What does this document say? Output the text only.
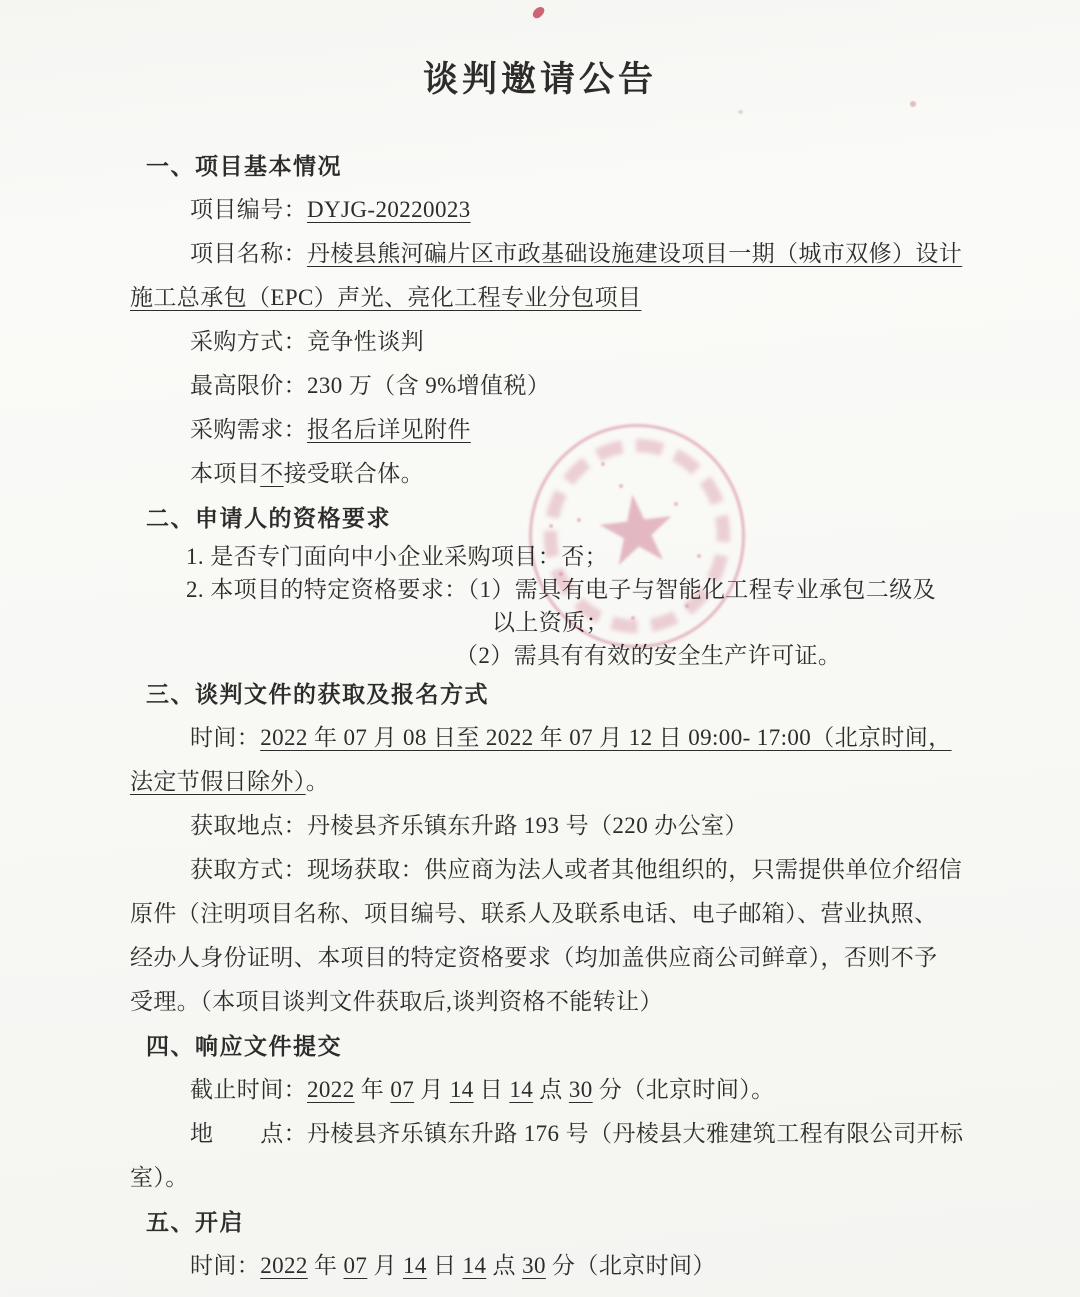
谈判邀请公告

一、项目基本情况

项目编号：DYJG-20220023

项目名称：丹棱县熊河碥片区市政基础设施建设项目一期（城市双修）设计

施工总承包（EPC）声光、亮化工程专业分包项目

采购方式：竞争性谈判

最高限价：230 万（含 9%增值税）

采购需求：报名后详见附件

本项目不接受联合体。

二、申请人的资格要求

1. 是否专门面向中小企业采购项目：否；

2. 本项目的特定资格要求：（1）需具有电子与智能化工程专业承包二级及

以上资质；

（2）需具有有效的安全生产许可证。

三、谈判文件的获取及报名方式

时间：2022 年 07 月 08 日至 2022 年 07 月 12 日 09:00- 17:00（北京时间，

法定节假日除外）。

获取地点：丹棱县齐乐镇东升路 193 号（220 办公室）

获取方式：现场获取：供应商为法人或者其他组织的，只需提供单位介绍信

原件（注明项目名称、项目编号、联系人及联系电话、电子邮箱）、营业执照、

经办人身份证明、本项目的特定资格要求（均加盖供应商公司鲜章），否则不予

受理。（本项目谈判文件获取后,谈判资格不能转让）

四、响应文件提交

截止时间：2022 年 07 月 14 日 14 点 30 分（北京时间）。

地　　点：丹棱县齐乐镇东升路 176 号（丹棱县大雅建筑工程有限公司开标

室）。

五、开启

时间：2022 年 07 月 14 日 14 点 30 分（北京时间）

★
